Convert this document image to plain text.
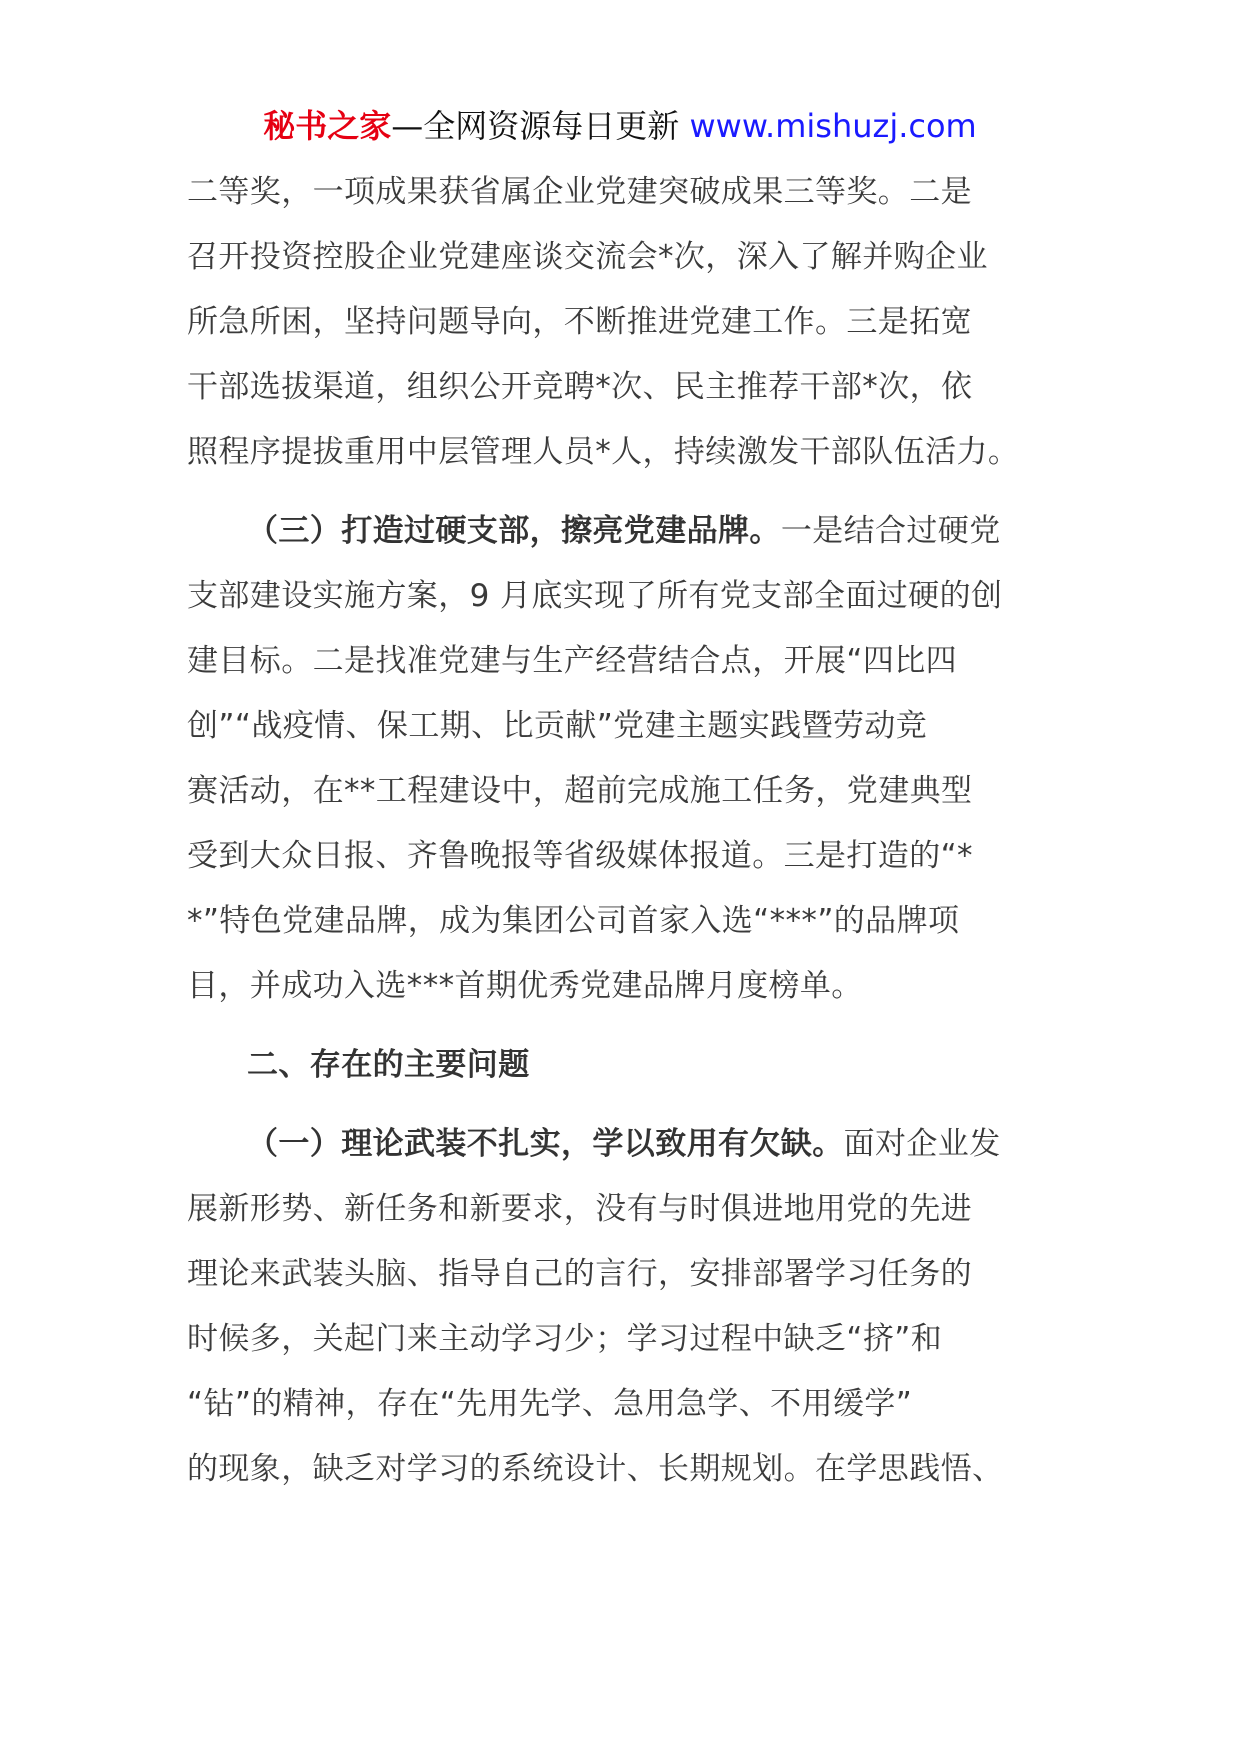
秘书之家—全网资源每日更新 www.mishuzj.com

二等奖，一项成果获省属企业党建突破成果三等奖。二是

召开投资控股企业党建座谈交流会*次，深入了解并购企业

所急所困，坚持问题导向，不断推进党建工作。三是拓宽

干部选拔渠道，组织公开竞聘*次、民主推荐干部*次，依

照程序提拔重用中层管理人员*人，持续激发干部队伍活力。

（三）打造过硬支部，擦亮党建品牌。一是结合过硬党

支部建设实施方案，9 月底实现了所有党支部全面过硬的创

建目标。二是找准党建与生产经营结合点，开展“四比四

创”“战疫情、保工期、比贡献”党建主题实践暨劳动竞

赛活动，在**工程建设中，超前完成施工任务，党建典型

受到大众日报、齐鲁晚报等省级媒体报道。三是打造的“*

*”特色党建品牌，成为集团公司首家入选“***”的品牌项

目，并成功入选***首期优秀党建品牌月度榜单。

二、存在的主要问题

（一）理论武装不扎实，学以致用有欠缺。面对企业发

展新形势、新任务和新要求，没有与时俱进地用党的先进

理论来武装头脑、指导自己的言行，安排部署学习任务的

时候多，关起门来主动学习少；学习过程中缺乏“挤”和

“钻”的精神，存在“先用先学、急用急学、不用缓学”

的现象，缺乏对学习的系统设计、长期规划。在学思践悟、
